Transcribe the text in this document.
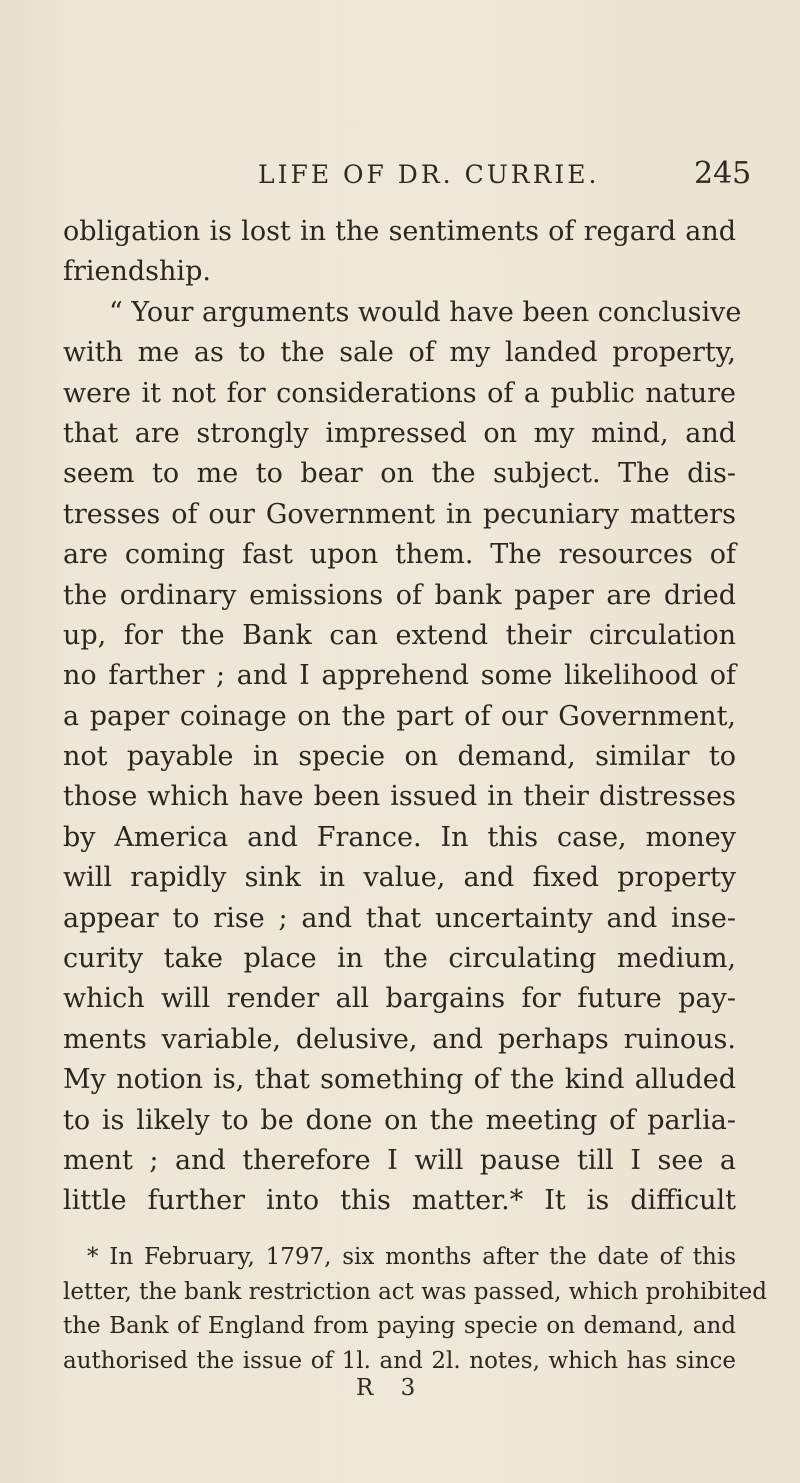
LIFE OF DR. CURRIE.	245
obligation is lost in the sentiments of regard and
friendship.
“ Your arguments would have been conclusive
with me as to the sale of my landed property,
were it not for considerations of a public nature
that are strongly impressed on my mind, and
seem to me to bear on the subject. The dis-
tresses of our Government in pecuniary matters
are coming fast upon them. The resources of
the ordinary emissions of bank paper are dried
up, for the Bank can extend their circulation
no farther ; and I apprehend some likelihood of
a paper coinage on the part of our Government,
not payable in specie on demand, similar to
those which have been issued in their distresses
by America and France. In this case, money
will rapidly sink in value, and fixed property
appear to rise ; and that uncertainty and inse-
curity take place in the circulating medium,
which will render all bargains for future pay-
ments variable, delusive, and perhaps ruinous.
My notion is, that something of the kind alluded
to is likely to be done on the meeting of parlia-
ment ; and therefore I will pause till I see a
little further into this matter.* It is difficult
* In February, 1797, six months after the date of this
letter, the bank restriction act was passed, which prohibited
the Bank of England from paying specie on demand, and
authorised the issue of 1l. and 2l. notes, which has since
R 3
